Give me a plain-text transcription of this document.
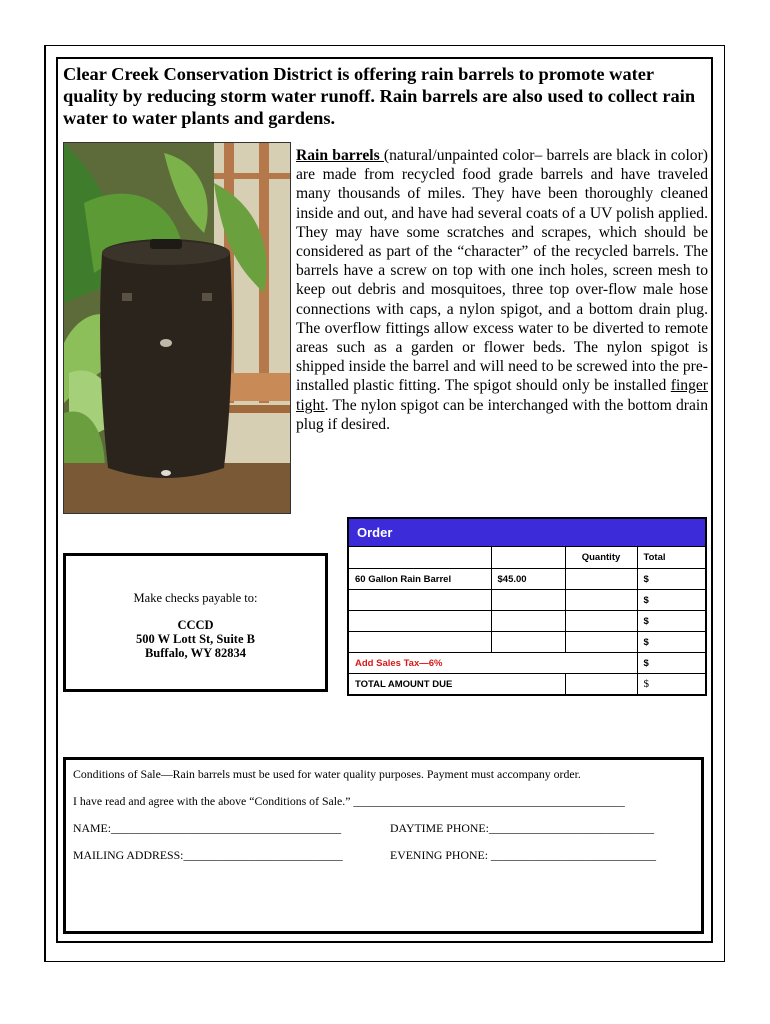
Clear Creek Conservation District is offering rain barrels to promote water quality by reducing storm water runoff. Rain barrels are also used to collect rain water to water plants and gardens.

Rain barrels (natural/unpainted color– barrels are black in color) are made from recycled food grade barrels and have traveled many thousands of miles. They have been thoroughly cleaned inside and out, and have had several coats of a UV polish applied. They may have some scratches and scrapes, which should be considered as part of the “character” of the recycled barrels. The barrels have a screw on top with one inch holes, screen mesh to keep out debris and mosquitoes, three top over-flow male hose connections with caps, a nylon spigot, and a bottom drain plug. The overflow fittings allow excess water to be diverted to remote areas such as a garden or flower beds. The nylon spigot is shipped inside the barrel and will need to be screwed into the pre-installed plastic fitting. The spigot should only be installed finger tight. The nylon spigot can be interchanged with the bottom drain plug if desired.

Make checks payable to:
CCCD
500 W Lott St, Suite B
Buffalo, WY 82834
Order
		Quantity	Total
60 Gallon Rain Barrel	$45.00		$
			$
			$
			$
Add Sales Tax—6%			$
TOTAL AMOUNT DUE			$
Conditions of Sale—Rain barrels must be used for water quality purposes. Payment must accompany order.
I have read and agree with the above “Conditions of Sale.” ______________________________________________
NAME:_______________________________________	DAYTIME PHONE:____________________________
MAILING ADDRESS:___________________________	EVENING PHONE: ____________________________
